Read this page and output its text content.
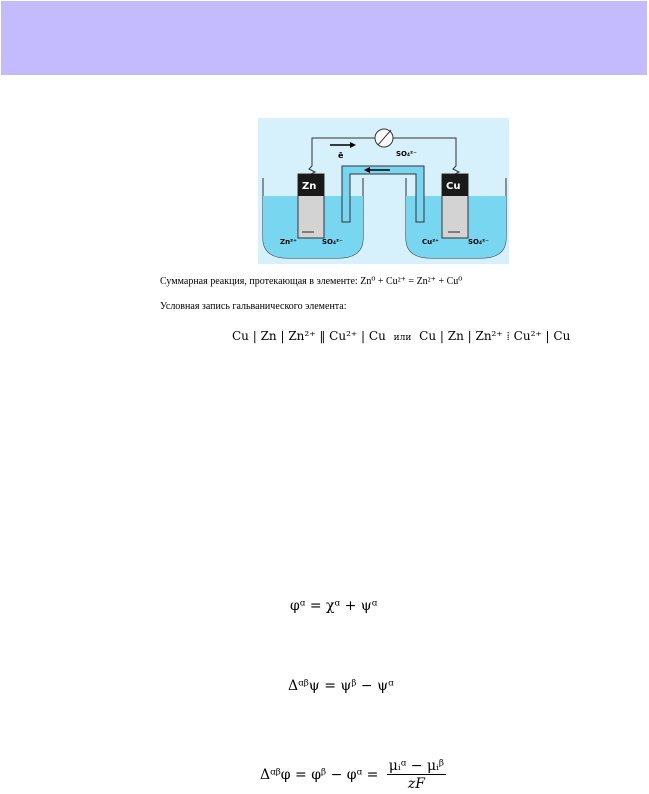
ē	SO₄²⁻
Zn	Cu
Zn²⁺	SO₄²⁻	Cu²⁺	SO₄²⁻
Суммарная реакция, протекающая в элементе: Zn⁰ + Cu²⁺ = Zn²⁺ + Cu⁰
Условная запись гальванического элемента:
Cu | Zn | Zn²⁺ ‖ Cu²⁺ | Cu или Cu | Zn | Zn²⁺ ⁞ Cu²⁺ | Cu
φᵅ = χᵅ + ψᵅ
Δᵅᵝψ = ψᵝ − ψᵅ
Δᵅᵝφ = φᵝ − φᵅ = $\frac{\text{μᵢᵅ − μᵢᵝ}}{zF}$
